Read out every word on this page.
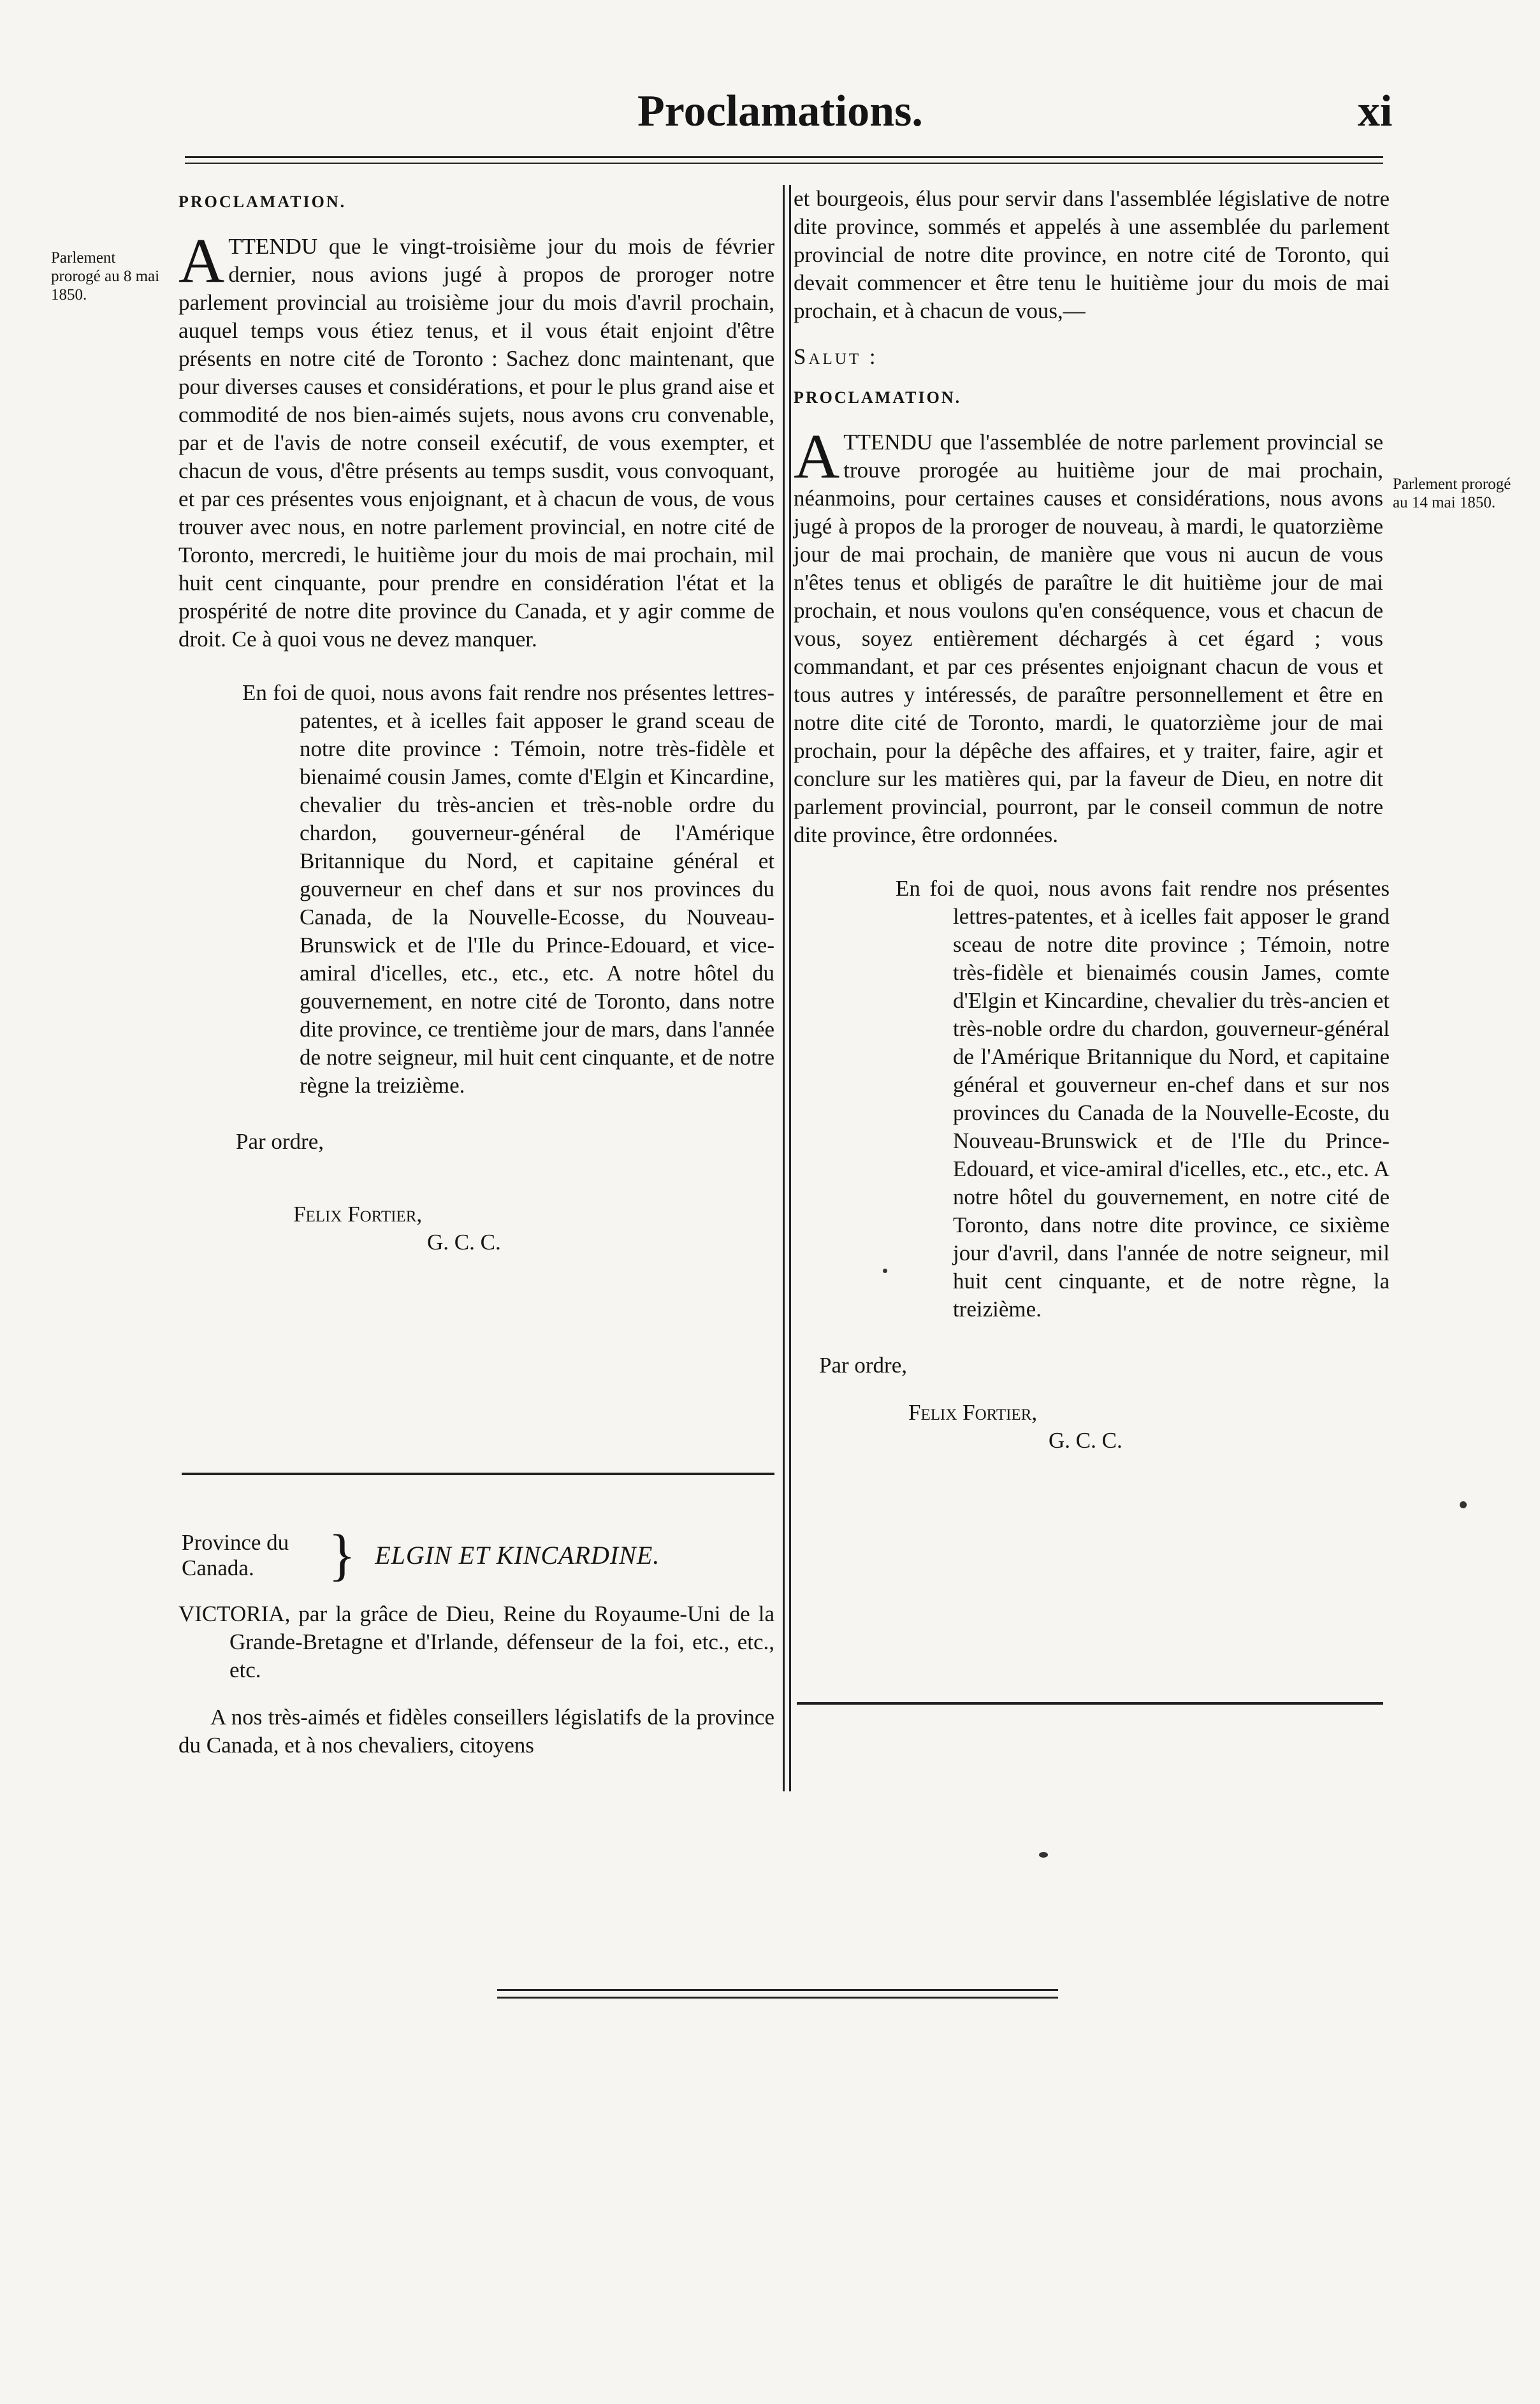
Proclamations.	xi
Parlement prorogé au 8 mai 1850.

PROCLAMATION.

A TTENDU que le vingt-troisième jour du mois de février dernier, nous avions jugé à propos de proroger notre parlement provincial au troisième jour du mois d'avril prochain, auquel temps vous étiez tenus, et il vous était enjoint d'être présents en notre cité de Toronto : Sachez donc maintenant, que pour diverses causes et considérations, et pour le plus grand aise et commodité de nos bien-aimés sujets, nous avons cru convenable, par et de l'avis de notre conseil exécutif, de vous exempter, et chacun de vous, d'être présents au temps susdit, vous convoquant, et par ces présentes vous enjoignant, et à chacun de vous, de vous trouver avec nous, en notre parlement provincial, en notre cité de Toronto, mercredi, le huitième jour du mois de mai prochain, mil huit cent cinquante, pour prendre en considération l'état et la prospérité de notre dite province du Canada, et y agir comme de droit. Ce à quoi vous ne devez manquer.

En foi de quoi, nous avons fait rendre nos présentes lettres-patentes, et à icelles fait apposer le grand sceau de notre dite province : Témoin, notre très-fidèle et bienaimé cousin James, comte d'Elgin et Kincardine, chevalier du très-ancien et très-noble ordre du chardon, gouverneur-général de l'Amérique Britannique du Nord, et capitaine général et gouverneur en chef dans et sur nos provinces du Canada, de la Nouvelle-Ecosse, du Nouveau-Brunswick et de l'Ile du Prince-Edouard, et vice-amiral d'icelles, etc., etc., etc. A notre hôtel du gouvernement, en notre cité de Toronto, dans notre dite province, ce trentième jour de mars, dans l'année de notre seigneur, mil huit cent cinquante, et de notre règne la treizième.

Par ordre,

Felix Fortier,

G. C. C.

Province du Canada.	} ELGIN ET KINCARDINE.

VICTORIA, par la grâce de Dieu, Reine du Royaume-Uni de la Grande-Bretagne et d'Irlande, défenseur de la foi, etc., etc., etc.

A nos très-aimés et fidèles conseillers législatifs de la province du Canada, et à nos chevaliers, citoyens

et bourgeois, élus pour servir dans l'assemblée législative de notre dite province, sommés et appelés à une assemblée du parlement provincial de notre dite province, en notre cité de Toronto, qui devait commencer et être tenu le huitième jour du mois de mai prochain, et à chacun de vous,—

Salut :

PROCLAMATION.

A TTENDU que l'assemblée de notre parlement provincial se trouve prorogée au huitième jour de mai prochain, néanmoins, pour certaines causes et considérations, nous avons jugé à propos de la proroger de nouveau, à mardi, le quatorzième jour de mai prochain, de manière que vous ni aucun de vous n'êtes tenus et obligés de paraître le dit huitième jour de mai prochain, et nous voulons qu'en conséquence, vous et chacun de vous, soyez entièrement déchargés à cet égard ; vous commandant, et par ces présentes enjoignant chacun de vous et tous autres y intéressés, de paraître personnellement et être en notre dite cité de Toronto, mardi, le quatorzième jour de mai prochain, pour la dépêche des affaires, et y traiter, faire, agir et conclure sur les matières qui, par la faveur de Dieu, en notre dit parlement provincial, pourront, par le conseil commun de notre dite province, être ordonnées.

En foi de quoi, nous avons fait rendre nos présentes lettres-patentes, et à icelles fait apposer le grand sceau de notre dite province ; Témoin, notre très-fidèle et bienaimés cousin James, comte d'Elgin et Kincardine, chevalier du très-ancien et très-noble ordre du chardon, gouverneur-général de l'Amérique Britannique du Nord, et capitaine général et gouverneur en-chef dans et sur nos provinces du Canada de la Nouvelle-Ecoste, du Nouveau-Brunswick et de l'Ile du Prince-Edouard, et vice-amiral d'icelles, etc., etc., etc. A notre hôtel du gouvernement, en notre cité de Toronto, dans notre dite province, ce sixième jour d'avril, dans l'année de notre seigneur, mil huit cent cinquante, et de notre règne, la treizième.

Par ordre,

Felix Fortier,

G. C. C.

Parlement prorogé au 14 mai 1850.
